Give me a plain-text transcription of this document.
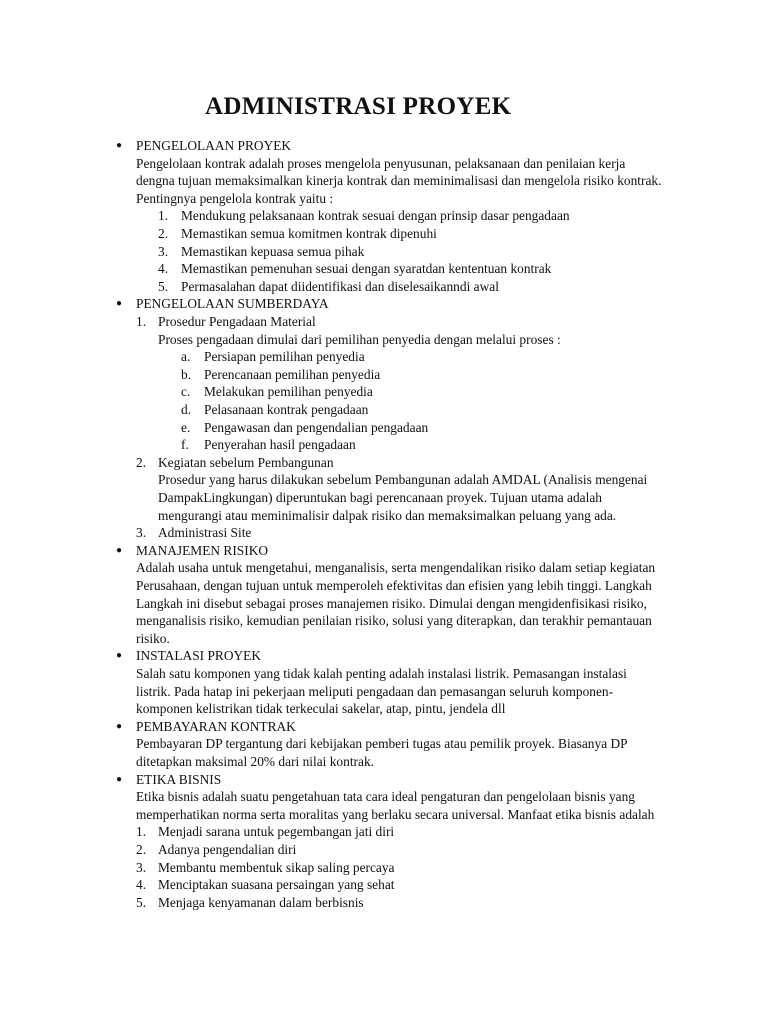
ADMINISTRASI PROYEK
● PENGELOLAAN PROYEK
Pengelolaan kontrak adalah proses mengelola penyusunan, pelaksanaan dan penilaian kerja
dengna tujuan memaksimalkan kinerja kontrak dan meminimalisasi dan mengelola risiko kontrak.
Pentingnya pengelola kontrak yaitu :
1. Mendukung pelaksanaan kontrak sesuai dengan prinsip dasar pengadaan
2. Memastikan semua komitmen kontrak dipenuhi
3. Memastikan kepuasa semua pihak
4. Memastikan pemenuhan sesuai dengan syaratdan kententuan kontrak
5. Permasalahan dapat diidentifikasi dan diselesaikanndi awal
● PENGELOLAAN SUMBERDAYA
1. Prosedur Pengadaan Material
Proses pengadaan dimulai dari pemilihan penyedia dengan melalui proses :
a. Persiapan pemilihan penyedia
b. Perencanaan pemilihan penyedia
c. Melakukan pemilihan penyedia
d. Pelasanaan kontrak pengadaan
e. Pengawasan dan pengendalian pengadaan
f. Penyerahan hasil pengadaan
2. Kegiatan sebelum Pembangunan
Prosedur yang harus dilakukan sebelum Pembangunan adalah AMDAL (Analisis mengenai
DampakLingkungan) diperuntukan bagi perencanaan proyek. Tujuan utama adalah
mengurangi atau meminimalisir dalpak risiko dan memaksimalkan peluang yang ada.
3. Administrasi Site
● MANAJEMEN RISIKO
Adalah usaha untuk mengetahui, menganalisis, serta mengendalikan risiko dalam setiap kegiatan
Perusahaan, dengan tujuan untuk memperoleh efektivitas dan efisien yang lebih tinggi. Langkah
Langkah ini disebut sebagai proses manajemen risiko. Dimulai dengan mengidenfisikasi risiko,
menganalisis risiko, kemudian penilaian risiko, solusi yang diterapkan, dan terakhir pemantauan
risiko.
● INSTALASI PROYEK
Salah satu komponen yang tidak kalah penting adalah instalasi listrik. Pemasangan instalasi
listrik. Pada hatap ini pekerjaan meliputi pengadaan dan pemasangan seluruh komponen-
komponen kelistrikan tidak terkeculai sakelar, atap, pintu, jendela dll
● PEMBAYARAN KONTRAK
Pembayaran DP tergantung dari kebijakan pemberi tugas atau pemilik proyek. Biasanya DP
ditetapkan maksimal 20% dari nilai kontrak.
● ETIKA BISNIS
Etika bisnis adalah suatu pengetahuan tata cara ideal pengaturan dan pengelolaan bisnis yang
memperhatikan norma serta moralitas yang berlaku secara universal. Manfaat etika bisnis adalah
1. Menjadi sarana untuk pegembangan jati diri
2. Adanya pengendalian diri
3. Membantu membentuk sikap saling percaya
4. Menciptakan suasana persaingan yang sehat
5. Menjaga kenyamanan dalam berbisnis
